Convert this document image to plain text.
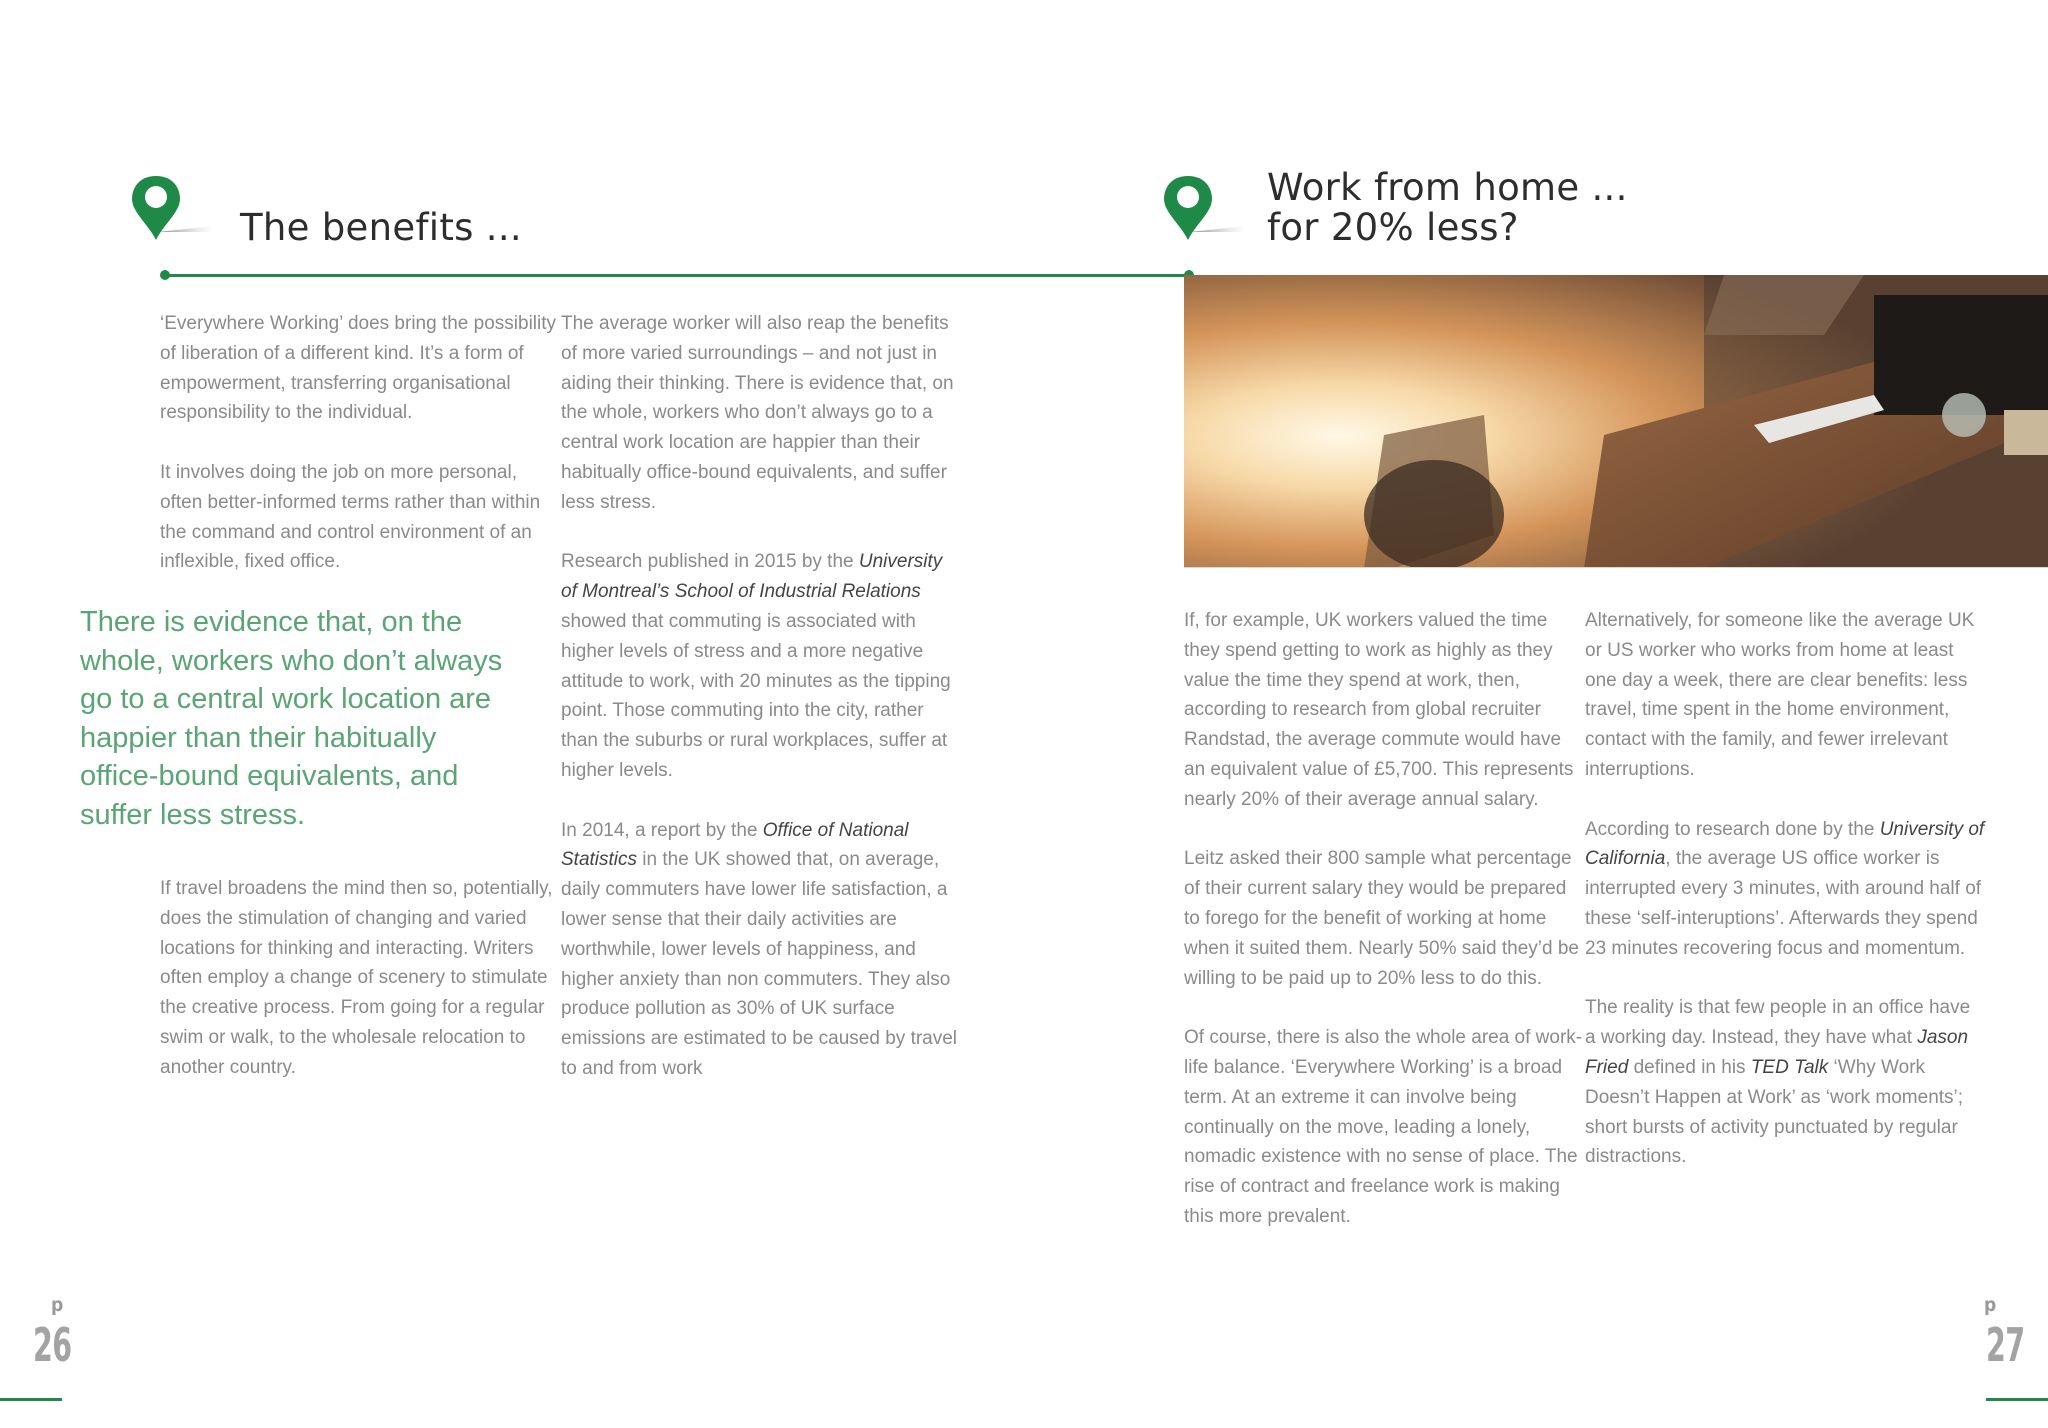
The benefits ...
Work from home ...
for 20% less?

‘Everywhere Working’ does bring the possibility of liberation of a different kind. It’s a form of empowerment, transferring organisational responsibility to the individual.

It involves doing the job on more personal, often better-informed terms rather than within the command and control environment of an inflexible, fixed office.

There is evidence that, on the whole, workers who don’t always go to a central work location are happier than their habitually office-bound equivalents, and suffer less stress.

If travel broadens the mind then so, potentially, does the stimulation of changing and varied locations for thinking and interacting. Writers often employ a change of scenery to stimulate the creative process. From going for a regular swim or walk, to the wholesale relocation to another country.

The average worker will also reap the benefits of more varied surroundings – and not just in aiding their thinking. There is evidence that, on the whole, workers who don’t always go to a central work location are happier than their habitually office-bound equivalents, and suffer less stress.

Research published in 2015 by the University of Montreal’s School of Industrial Relations showed that commuting is associated with higher levels of stress and a more negative attitude to work, with 20 minutes as the tipping point. Those commuting into the city, rather than the suburbs or rural workplaces, suffer at higher levels.

In 2014, a report by the Office of National Statistics in the UK showed that, on average, daily commuters have lower life satisfaction, a lower sense that their daily activities are worthwhile, lower levels of happiness, and higher anxiety than non commuters. They also produce pollution as 30% of UK surface emissions are estimated to be caused by travel to and from work

If, for example, UK workers valued the time they spend getting to work as highly as they value the time they spend at work, then, according to research from global recruiter Randstad, the average commute would have an equivalent value of £5,700. This represents nearly 20% of their average annual salary.

Leitz asked their 800 sample what percentage of their current salary they would be prepared to forego for the benefit of working at home when it suited them. Nearly 50% said they’d be willing to be paid up to 20% less to do this.

Of course, there is also the whole area of work-life balance. ‘Everywhere Working’ is a broad term. At an extreme it can involve being continually on the move, leading a lonely, nomadic existence with no sense of place. The rise of contract and freelance work is making this more prevalent.

Alternatively, for someone like the average UK or US worker who works from home at least one day a week, there are clear benefits: less travel, time spent in the home environment, contact with the family, and fewer irrelevant interruptions.

According to research done by the University of California, the average US office worker is interrupted every 3 minutes, with around half of these ‘self-interuptions’. Afterwards they spend 23 minutes recovering focus and momentum.

The reality is that few people in an office have a working day. Instead, they have what Jason Fried defined in his TED Talk ‘Why Work Doesn’t Happen at Work’ as ‘work moments’; short bursts of activity punctuated by regular distractions.

p
26
p
27
